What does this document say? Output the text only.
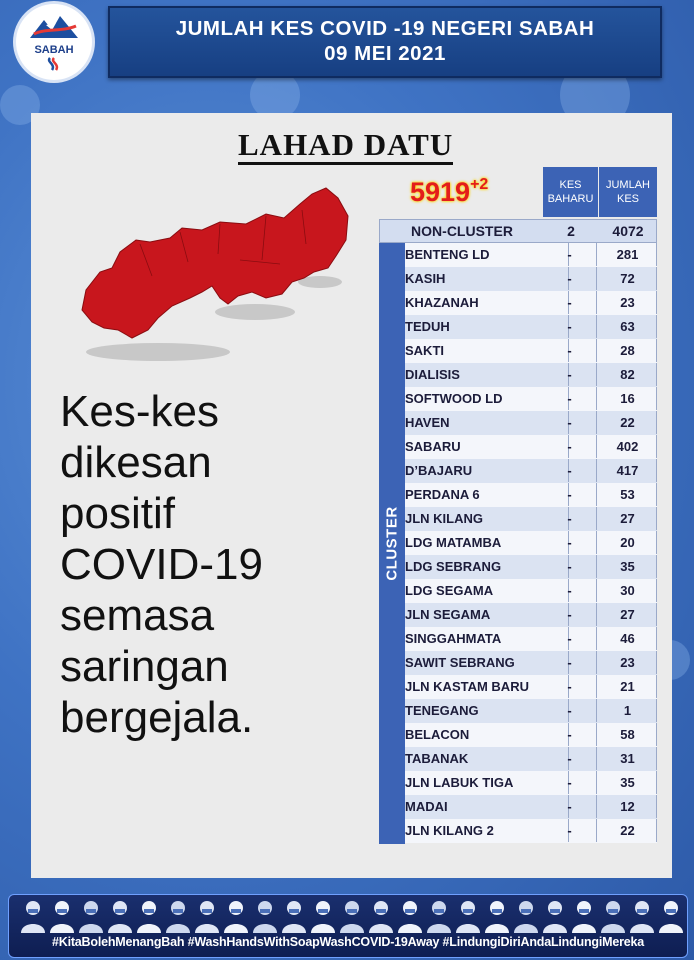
SABAH
JUMLAH KES COVID -19 NEGERI SABAH
09 MEI 2021
LAHAD DATU
5919+2
Kes-kes
dikesan
positif
COVID-19
semasa
saringan
bergejala.
KES
BAHARU
JUMLAH
KES
NON-CLUSTER	2	4072
BENTENG LD	-	281
KASIH	-	72
KHAZANAH	-	23
TEDUH	-	63
SAKTI	-	28
DIALISIS	-	82
SOFTWOOD LD	-	16
HAVEN	-	22
SABARU	-	402
D’BAJARU	-	417
PERDANA 6	-	53
JLN KILANG	-	27
LDG MATAMBA	-	20
LDG SEBRANG	-	35
LDG SEGAMA	-	30
JLN SEGAMA	-	27
SINGGAHMATA	-	46
SAWIT SEBRANG	-	23
JLN KASTAM BARU	-	21
TENEGANG	-	1
BELACON	-	58
TABANAK	-	31
JLN LABUK TIGA	-	35
MADAI	-	12
JLN KILANG 2	-	22
CLUSTER
#KitaBolehMenangBah #WashHandsWithSoapWashCOVID-19Away #LindungiDiriAndaLindungiMereka
